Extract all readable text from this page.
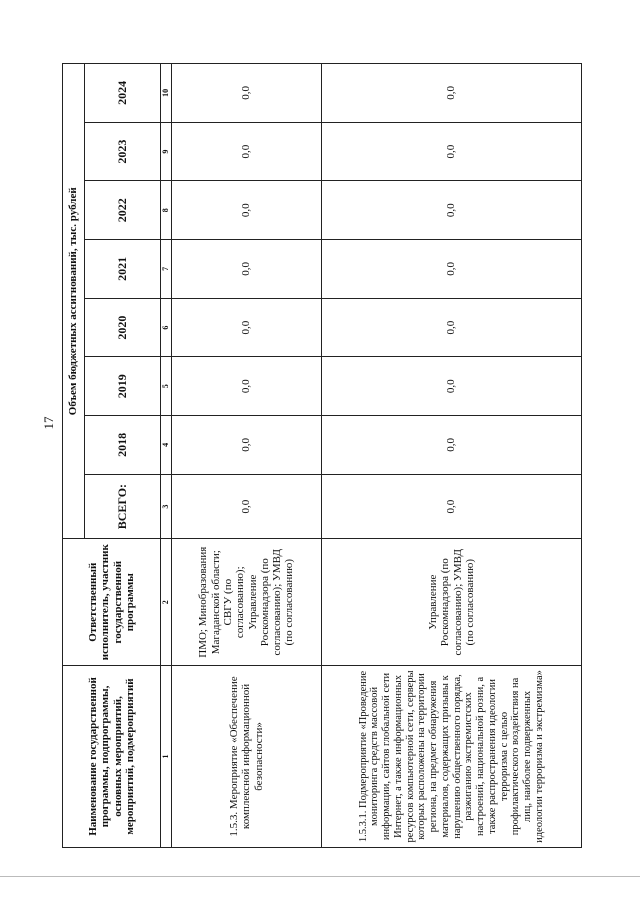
17
Наименование государственной программы, подпрограммы, основных мероприятий, мероприятий, подмероприятий	Ответственный исполнитель, участник государственной программы	Объем бюджетных ассигнований, тыс. рублей							
		ВСЕГО:	2018	2019	2020	2021	2022	2023	2024
1	2	3	4	5	6	7	8	9	10
1.5.3. Мероприятие «Обеспечение комплексной информационной безопасности»	ПМО; Минобразования Магаданской области; СВГУ (по согласованию); Управление Роскомнадзора (по согласованию); УМВД (по согласованию)	0,0	0,0	0,0	0,0	0,0	0,0	0,0	0,0
1.5.3.1. Подмероприятие «Проведение мониторинга средств массовой информации, сайтов глобальной сети Интернет, а также информационных ресурсов компьютерной сети, серверы которых расположены на территории региона, на предмет обнаружения материалов, содержащих призывы к нарушению общественного порядка, разжиганию экстремистских настроений, национальной розни, а также распространения идеологии терроризма с целью профилактического воздействия на лиц, наиболее подверженных идеологии терроризма и экстремизма»	Управление Роскомнадзора (по согласованию); УМВД (по согласованию)	0,0	0,0	0,0	0,0	0,0	0,0	0,0	0,0
